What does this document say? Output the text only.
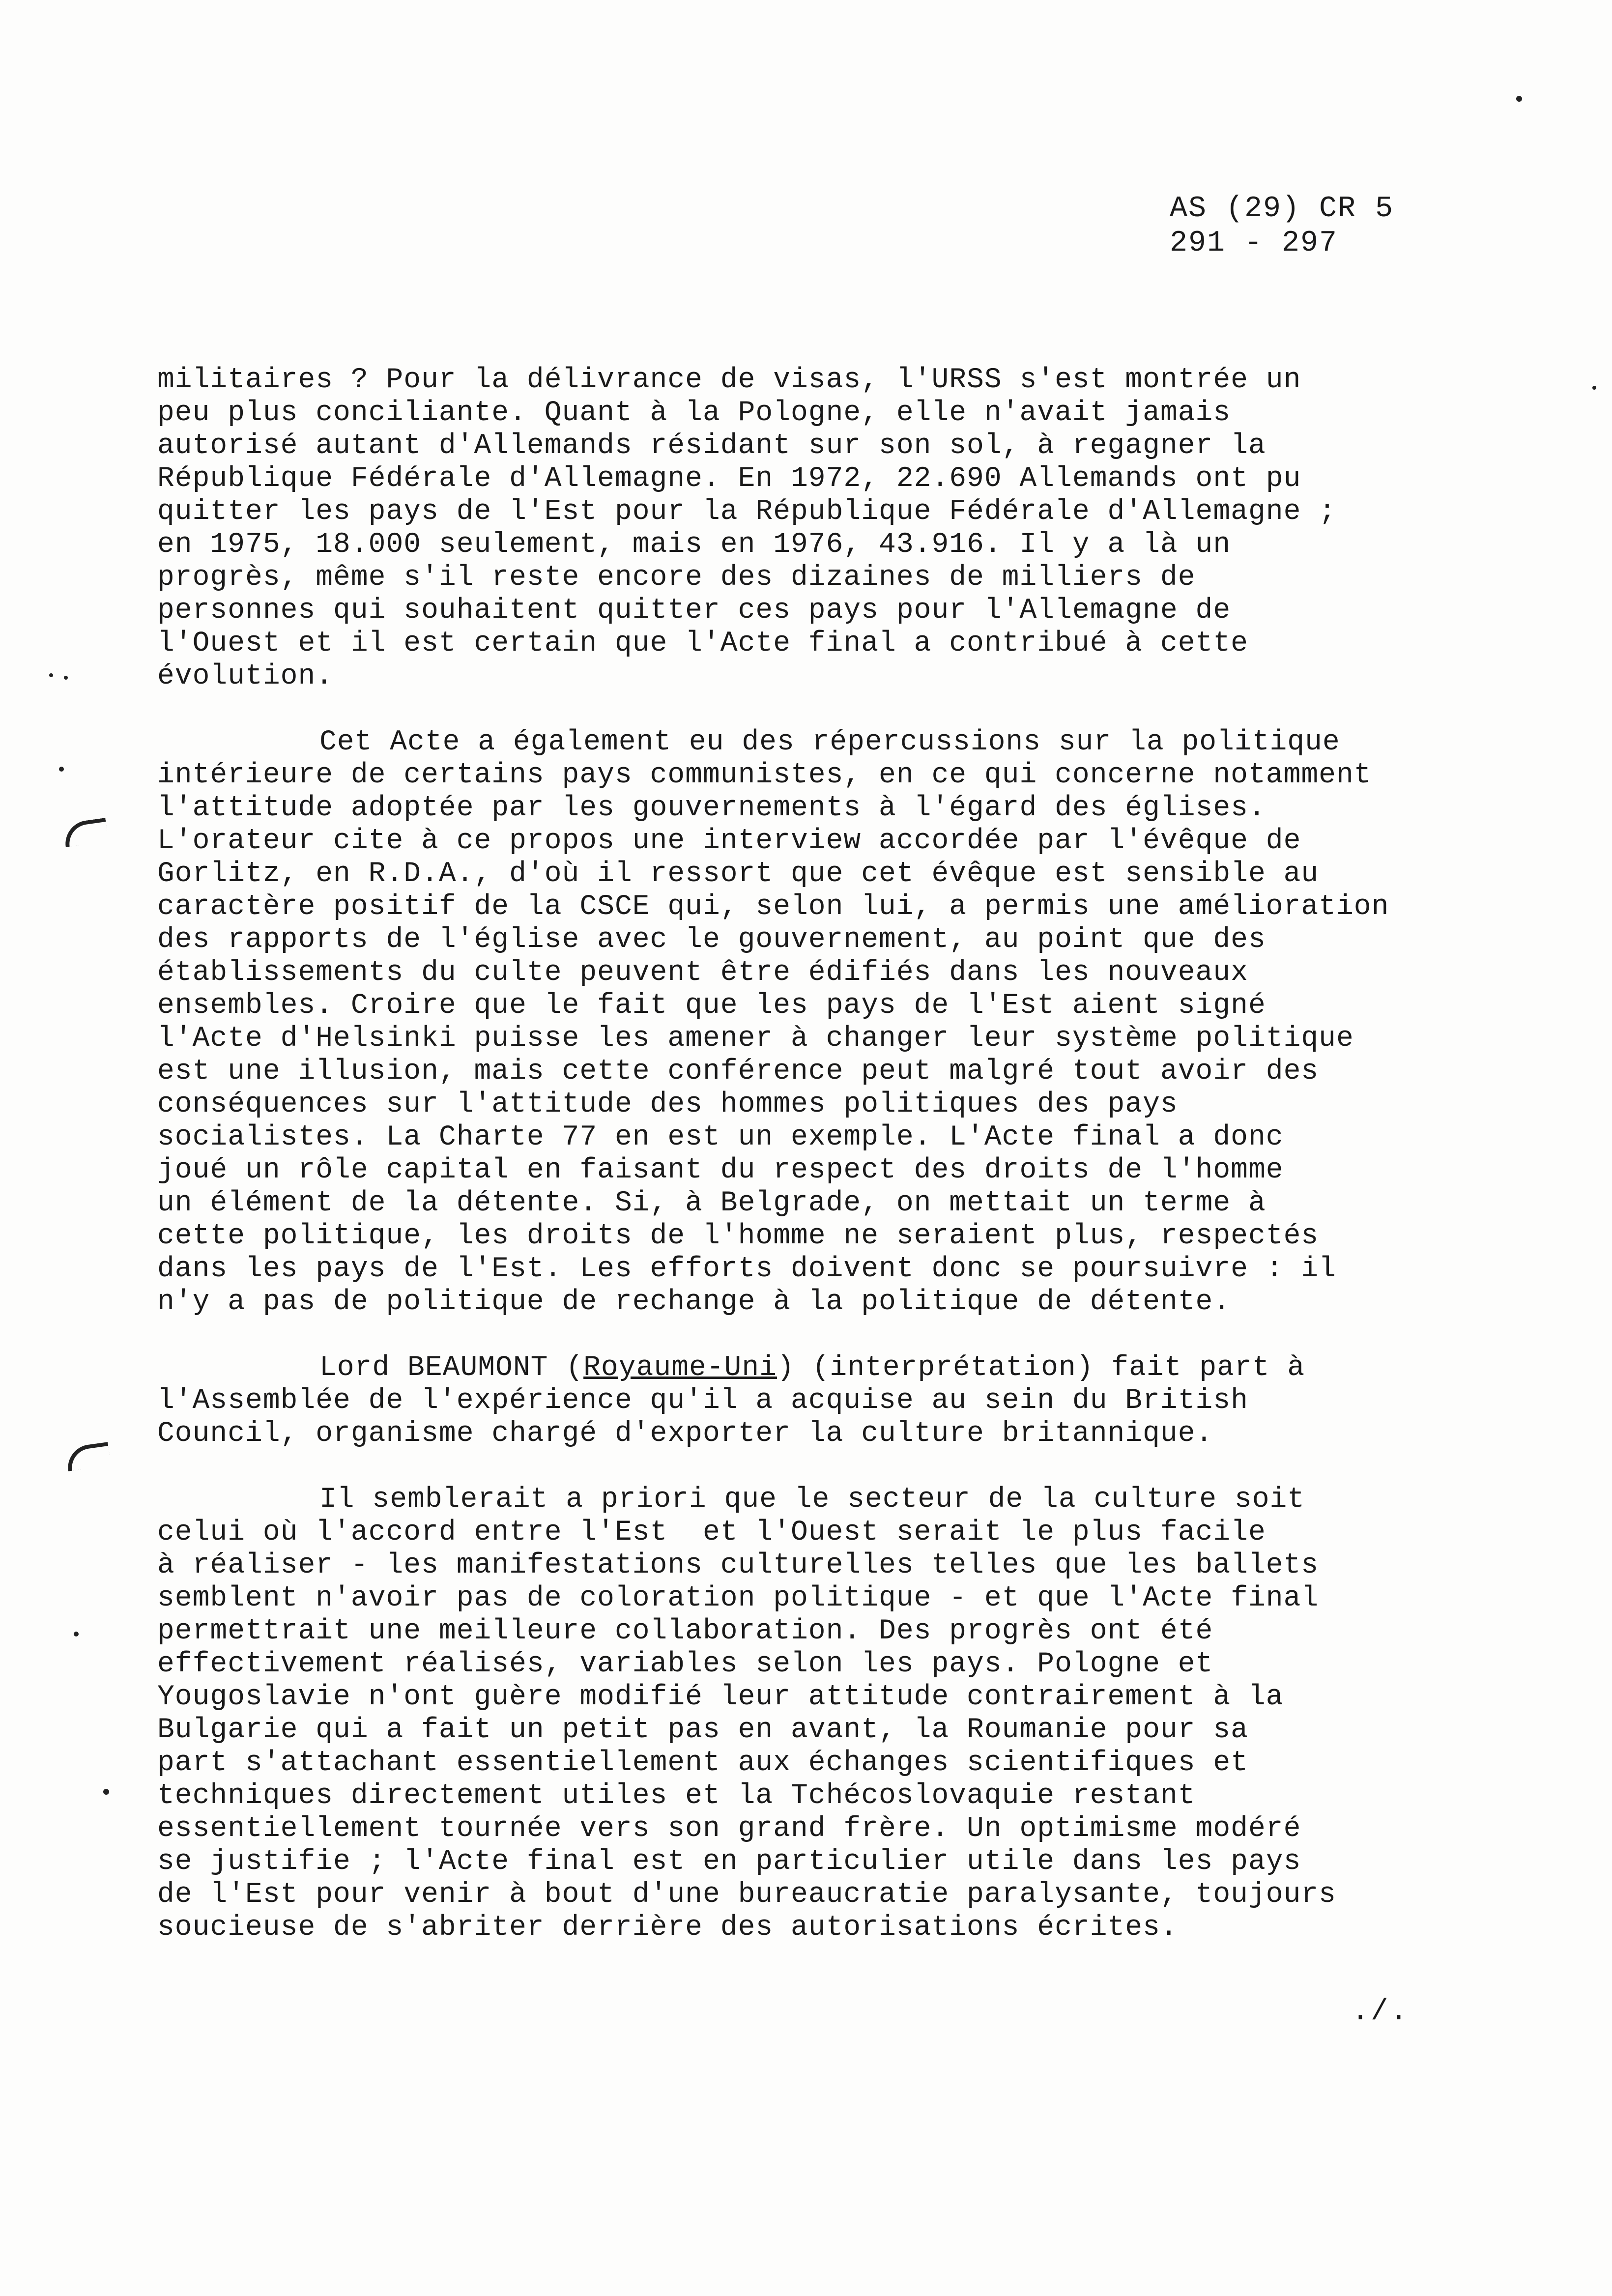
AS (29) CR 5
291 - 297
militaires ? Pour la délivrance de visas, l'URSS s'est montrée un
peu plus conciliante. Quant à la Pologne, elle n'avait jamais
autorisé autant d'Allemands résidant sur son sol, à regagner la
République Fédérale d'Allemagne. En 1972, 22.690 Allemands ont pu
quitter les pays de l'Est pour la République Fédérale d'Allemagne ;
en 1975, 18.000 seulement, mais en 1976, 43.916. Il y a là un
progrès, même s'il reste encore des dizaines de milliers de
personnes qui souhaitent quitter ces pays pour l'Allemagne de
l'Ouest et il est certain que l'Acte final a contribué à cette
évolution.
Cet Acte a également eu des répercussions sur la politique
intérieure de certains pays communistes, en ce qui concerne notamment
l'attitude adoptée par les gouvernements à l'égard des églises.
L'orateur cite à ce propos une interview accordée par l'évêque de
Gorlitz, en R.D.A., d'où il ressort que cet évêque est sensible au
caractère positif de la CSCE qui, selon lui, a permis une amélioration
des rapports de l'église avec le gouvernement, au point que des
établissements du culte peuvent être édifiés dans les nouveaux
ensembles. Croire que le fait que les pays de l'Est aient signé
l'Acte d'Helsinki puisse les amener à changer leur système politique
est une illusion, mais cette conférence peut malgré tout avoir des
conséquences sur l'attitude des hommes politiques des pays
socialistes. La Charte 77 en est un exemple. L'Acte final a donc
joué un rôle capital en faisant du respect des droits de l'homme
un élément de la détente. Si, à Belgrade, on mettait un terme à
cette politique, les droits de l'homme ne seraient plus, respectés
dans les pays de l'Est. Les efforts doivent donc se poursuivre : il
n'y a pas de politique de rechange à la politique de détente.
Lord BEAUMONT (Royaume-Uni) (interprétation) fait part à
l'Assemblée de l'expérience qu'il a acquise au sein du British
Council, organisme chargé d'exporter la culture britannique.
Il semblerait a priori que le secteur de la culture soit
celui où l'accord entre l'Est  et l'Ouest serait le plus facile
à réaliser - les manifestations culturelles telles que les ballets
semblent n'avoir pas de coloration politique - et que l'Acte final
permettrait une meilleure collaboration. Des progrès ont été
effectivement réalisés, variables selon les pays. Pologne et
Yougoslavie n'ont guère modifié leur attitude contrairement à la
Bulgarie qui a fait un petit pas en avant, la Roumanie pour sa
part s'attachant essentiellement aux échanges scientifiques et
techniques directement utiles et la Tchécoslovaquie restant
essentiellement tournée vers son grand frère. Un optimisme modéré
se justifie ; l'Acte final est en particulier utile dans les pays
de l'Est pour venir à bout d'une bureaucratie paralysante, toujours
soucieuse de s'abriter derrière des autorisations écrites.
./.
